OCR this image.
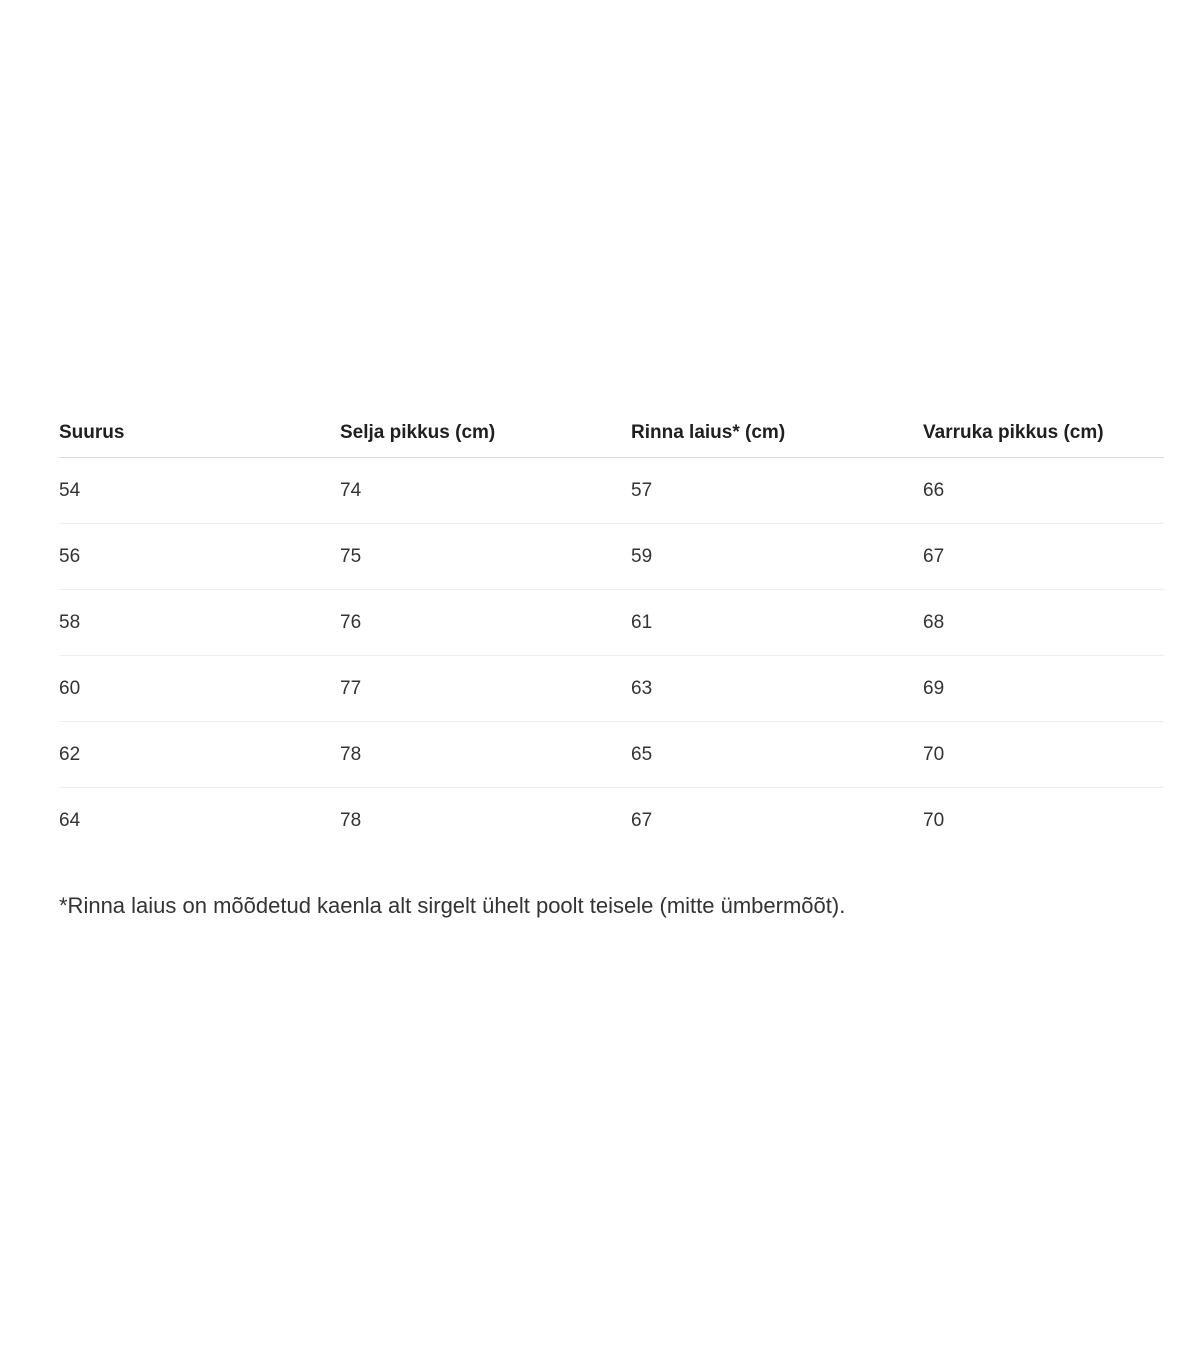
Suurus	Selja pikkus (cm)	Rinna laius* (cm)	Varruka pikkus (cm)
54	74	57	66
56	75	59	67
58	76	61	68
60	77	63	69
62	78	65	70
64	78	67	70

*Rinna laius on mõõdetud kaenla alt sirgelt ühelt poolt teisele (mitte ümbermõõt).
